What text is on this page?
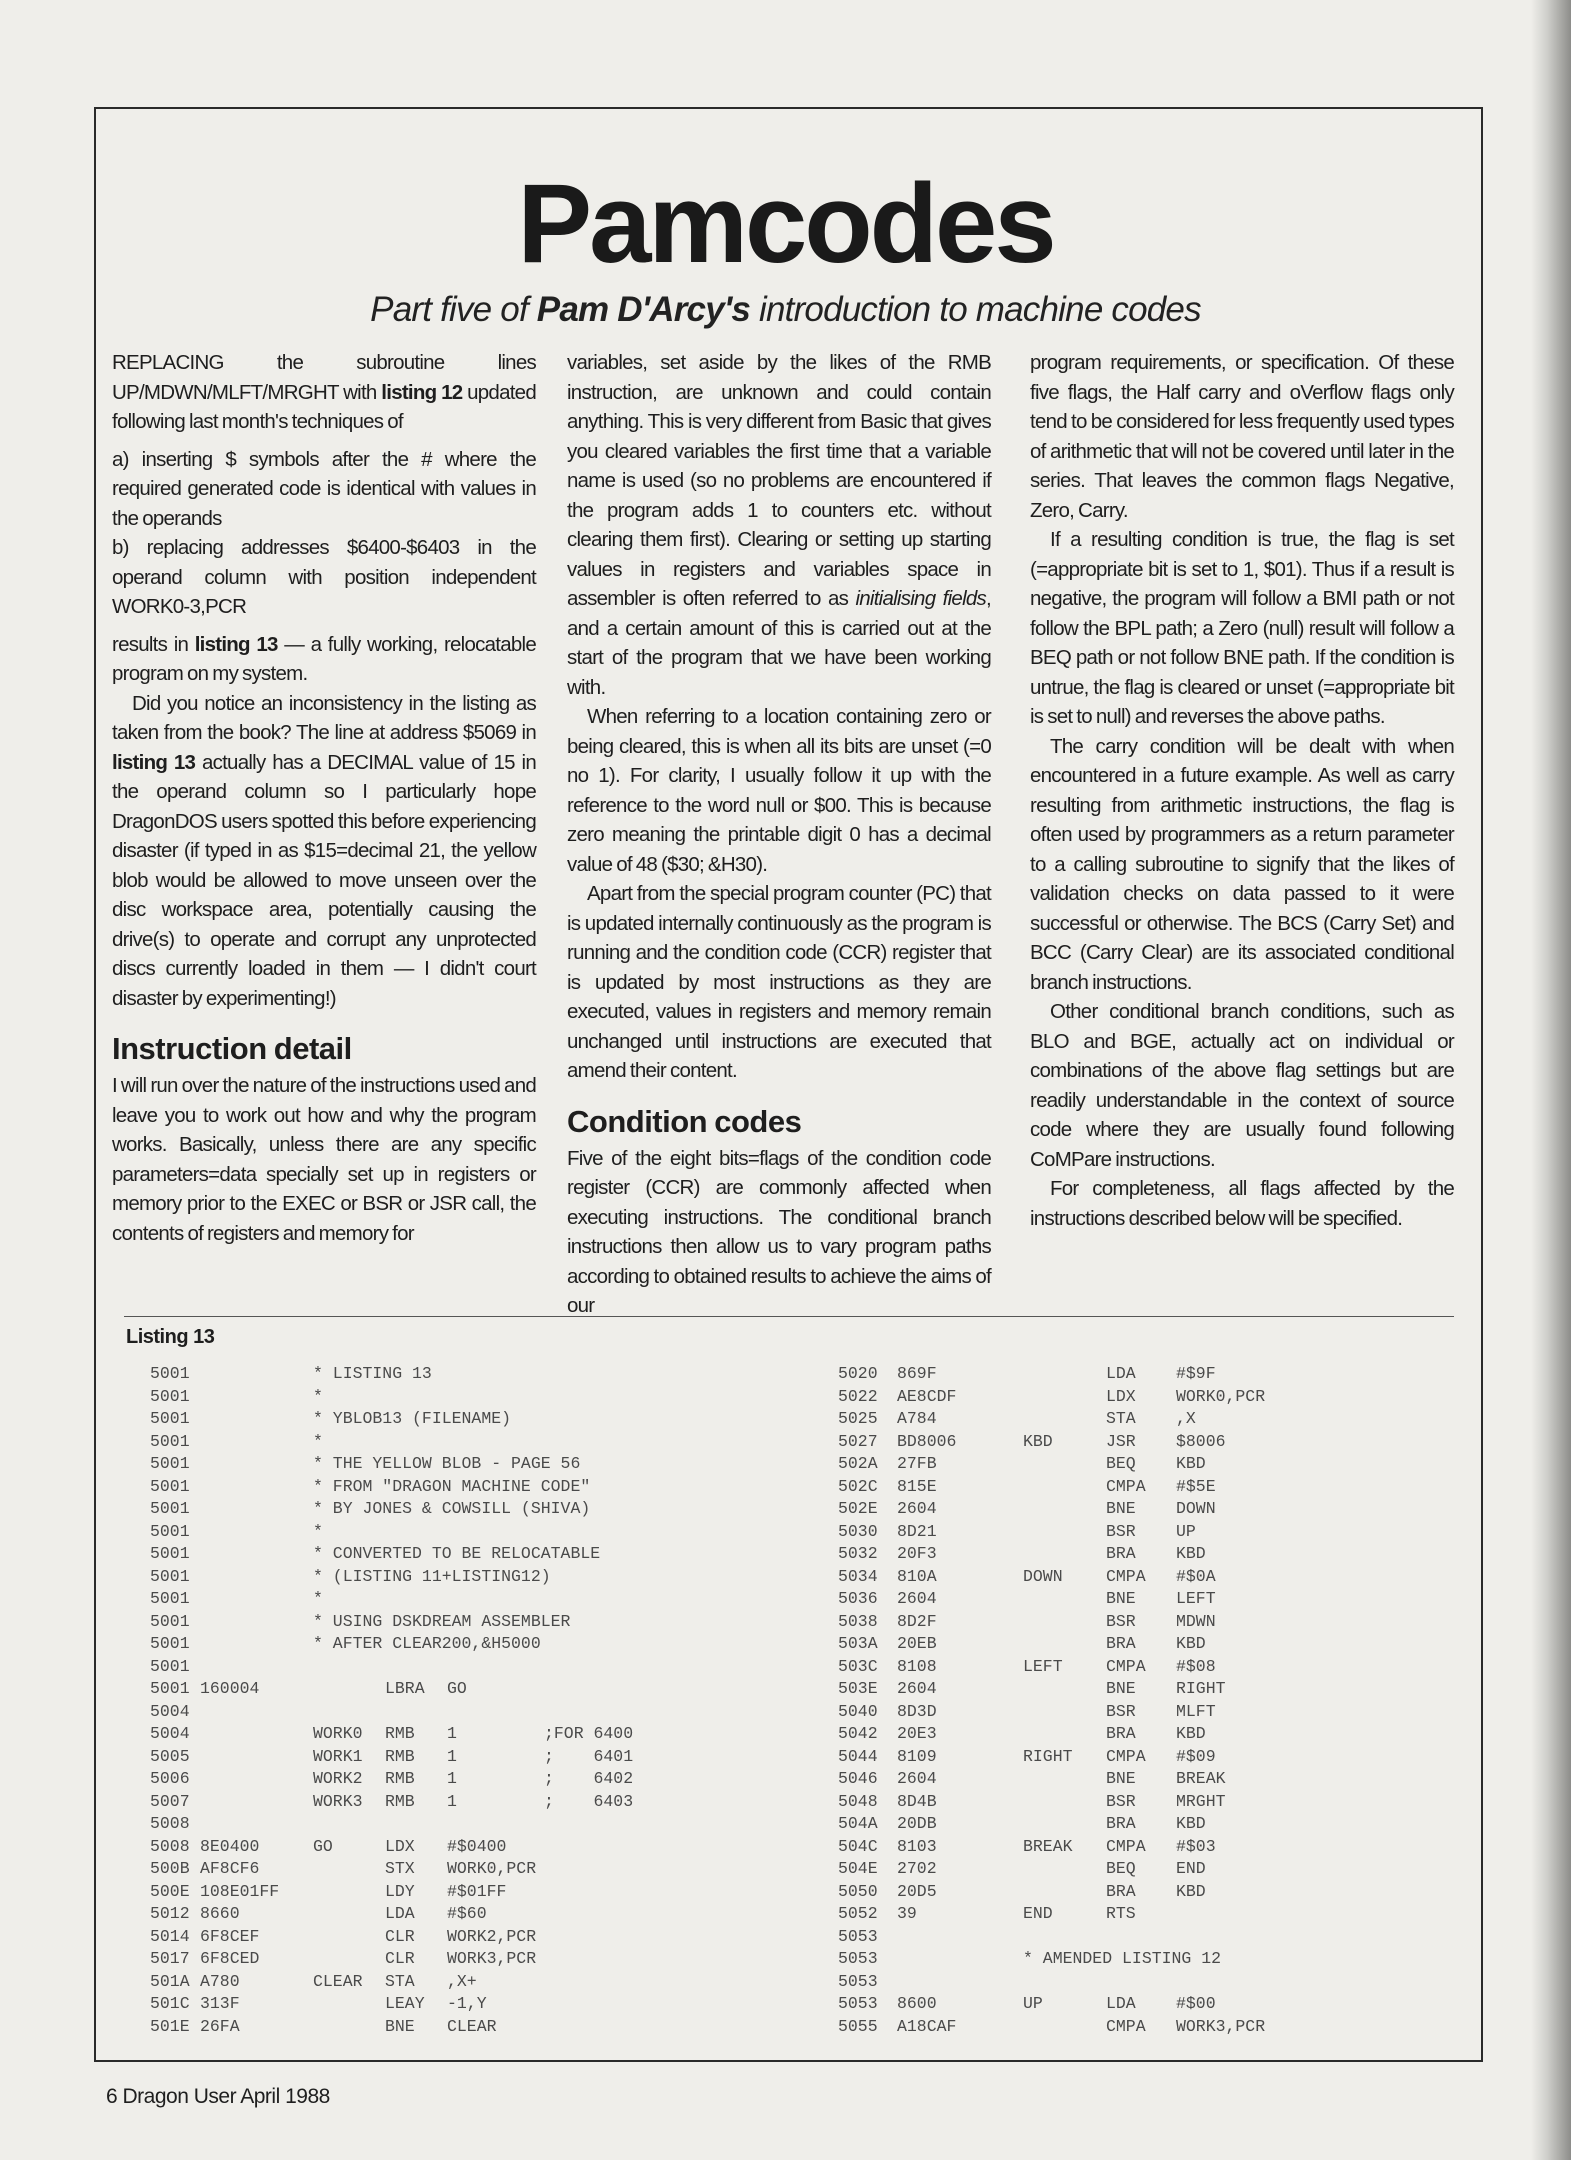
Pamcodes
Part five of Pam D'Arcy's introduction to machine codes

REPLACING the subroutine lines UP/MDWN/MLFT/MRGHT with listing 12 updated following last month's techniques of

a) inserting $ symbols after the # where the required generated code is identical with values in the operands

b) replacing addresses $6400-$6403 in the operand column with position independent WORK0-3,PCR

results in listing 13 — a fully working, relocatable program on my system.

Did you notice an inconsistency in the listing as taken from the book? The line at address $5069 in listing 13 actually has a DECIMAL value of 15 in the operand column so I particularly hope DragonDOS users spotted this before experiencing disaster (if typed in as $15=decimal 21, the yellow blob would be allowed to move unseen over the disc workspace area, potentially causing the drive(s) to operate and corrupt any unprotected discs currently loaded in them — I didn't court disaster by experimenting!)

Instruction detail

I will run over the nature of the instructions used and leave you to work out how and why the program works. Basically, unless there are any specific parameters=data specially set up in registers or memory prior to the EXEC or BSR or JSR call, the contents of registers and memory for

variables, set aside by the likes of the RMB instruction, are unknown and could contain anything. This is very different from Basic that gives you cleared variables the first time that a variable name is used (so no problems are encountered if the program adds 1 to counters etc. without clearing them first). Clearing or setting up starting values in registers and variables space in assembler is often referred to as initialising fields, and a certain amount of this is carried out at the start of the program that we have been working with.

When referring to a location containing zero or being cleared, this is when all its bits are unset (=0 no 1). For clarity, I usually follow it up with the reference to the word null or $00. This is because zero meaning the printable digit 0 has a decimal value of 48 ($30; &H30).

Apart from the special program counter (PC) that is updated internally continuously as the program is running and the condition code (CCR) register that is updated by most instructions as they are executed, values in registers and memory remain unchanged until instructions are executed that amend their content.

Condition codes

Five of the eight bits=flags of the condition code register (CCR) are commonly affected when executing instructions. The conditional branch instructions then allow us to vary program paths according to obtained results to achieve the aims of our

program requirements, or specification. Of these five flags, the Half carry and oVerflow flags only tend to be considered for less frequently used types of arithmetic that will not be covered until later in the series. That leaves the common flags Negative, Zero, Carry.

If a resulting condition is true, the flag is set (=appropriate bit is set to 1, $01). Thus if a result is negative, the program will follow a BMI path or not follow the BPL path; a Zero (null) result will follow a BEQ path or not follow BNE path. If the condition is untrue, the flag is cleared or unset (=appropriate bit is set to null) and reverses the above paths.

The carry condition will be dealt with when encountered in a future example. As well as carry resulting from arithmetic instructions, the flag is often used by programmers as a return parameter to a calling subroutine to signify that the likes of validation checks on data passed to it were successful or otherwise. The BCS (Carry Set) and BCC (Carry Clear) are its associated conditional branch instructions.

Other conditional branch conditions, such as BLO and BGE, actually act on individual or combinations of the above flag settings but are readily understandable in the context of source code where they are usually found following CoMPare instructions.

For completeness, all flags affected by the instructions described below will be specified.

Listing 13
5001	* LISTING 13
5001	*
5001	* YBLOB13 (FILENAME)
5001	*
5001	* THE YELLOW BLOB - PAGE 56
5001	* FROM "DRAGON MACHINE CODE"
5001	* BY JONES & COWSILL (SHIVA)
5001	*
5001	* CONVERTED TO BE RELOCATABLE
5001	* (LISTING 11+LISTING12)
5001	*
5001	* USING DSKDREAM ASSEMBLER
5001	* AFTER CLEAR200,&H5000
5001
5001 160004	LBRA GO
5004
5004	WORK0 RMB 1	;FOR 6400
5005	WORK1 RMB 1	;    6401
5006	WORK2 RMB 1	;    6402
5007	WORK3 RMB 1	;    6403
5008
5008 8E0400	GO	LDX #$0400
500B AF8CF6	STX WORK0,PCR
500E 108E01FF	LDY #$01FF
5012 8660	LDA #$60
5014 6F8CEF	CLR WORK2,PCR
5017 6F8CED	CLR WORK3,PCR
501A A780	CLEAR STA ,X+
501C 313F	LEAY -1,Y
501E 26FA	BNE CLEAR
5020 869F	LDA #$9F
5022 AE8CDF	LDX WORK0,PCR
5025 A784	STA ,X
5027 BD8006	KBD	JSR $8006
502A 27FB	BEQ KBD
502C 815E	CMPA #$5E
502E 2604	BNE DOWN
5030 8D21	BSR UP
5032 20F3	BRA KBD
5034 810A	DOWN	CMPA #$0A
5036 2604	BNE LEFT
5038 8D2F	BSR MDWN
503A 20EB	BRA KBD
503C 8108	LEFT	CMPA #$08
503E 2604	BNE RIGHT
5040 8D3D	BSR MLFT
5042 20E3	BRA KBD
5044 8109	RIGHT CMPA #$09
5046 2604	BNE BREAK
5048 8D4B	BSR MRGHT
504A 20DB	BRA KBD
504C 8103	BREAK CMPA #$03
504E 2702	BEQ END
5050 20D5	BRA KBD
5052 39	END	RTS
5053
5053	* AMENDED LISTING 12
5053
5053 8600	UP	LDA #$00
5055 A18CAF	CMPA WORK3,PCR
6 Dragon User April 1988
